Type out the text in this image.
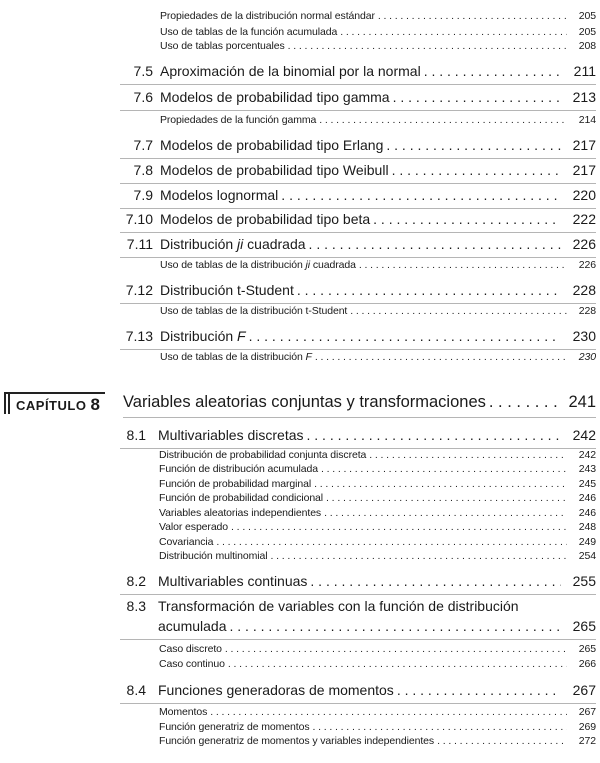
Propiedades de la distribución normal estándar . . .	205
Uso de tablas de la función acumulada . . .	205
Uso de tablas porcentuales . . .	208
7.5 Aproximación de la binomial por la normal . . .	211
7.6 Modelos de probabilidad tipo gamma . . .	213
Propiedades de la función gamma . . .	214
7.7 Modelos de probabilidad tipo Erlang . . .	217
7.8 Modelos de probabilidad tipo Weibull . . .	217
7.9 Modelos lognormal . . .	220
7.10 Modelos de probabilidad tipo beta . . .	222
7.11 Distribución ji cuadrada . . .	226
Uso de tablas de la distribución ji cuadrada . . .	226
7.12 Distribución t-Student . . .	228
Uso de tablas de la distribución t-Student . . .	228
7.13 Distribución F . . .	230
Uso de tablas de la distribución F . . .	230
8.1 Multivariables discretas . . .	242
Distribución de probabilidad conjunta discreta . . .	242
Función de distribución acumulada . . .	243
Función de probabilidad marginal . . .	245
Función de probabilidad condicional . . .	246
Variables aleatorias independientes . . .	246
Valor esperado . . .	248
Covariancia . . .	249
Distribución multinomial . . .	254
8.2 Multivariables continuas . . .	255
8.3 Transformación de variables con la función de distribución
acumulada . . .	265
Caso discreto . . .	265
Caso continuo . . .	266
8.4 Funciones generadoras de momentos . . .	267
Momentos . . .	267
Función generatriz de momentos . . .	269
Función generatriz de momentos y variables independientes . . .	272
CAPÍTULO 8 Variables aleatorias conjuntas y transformaciones . . .	241
